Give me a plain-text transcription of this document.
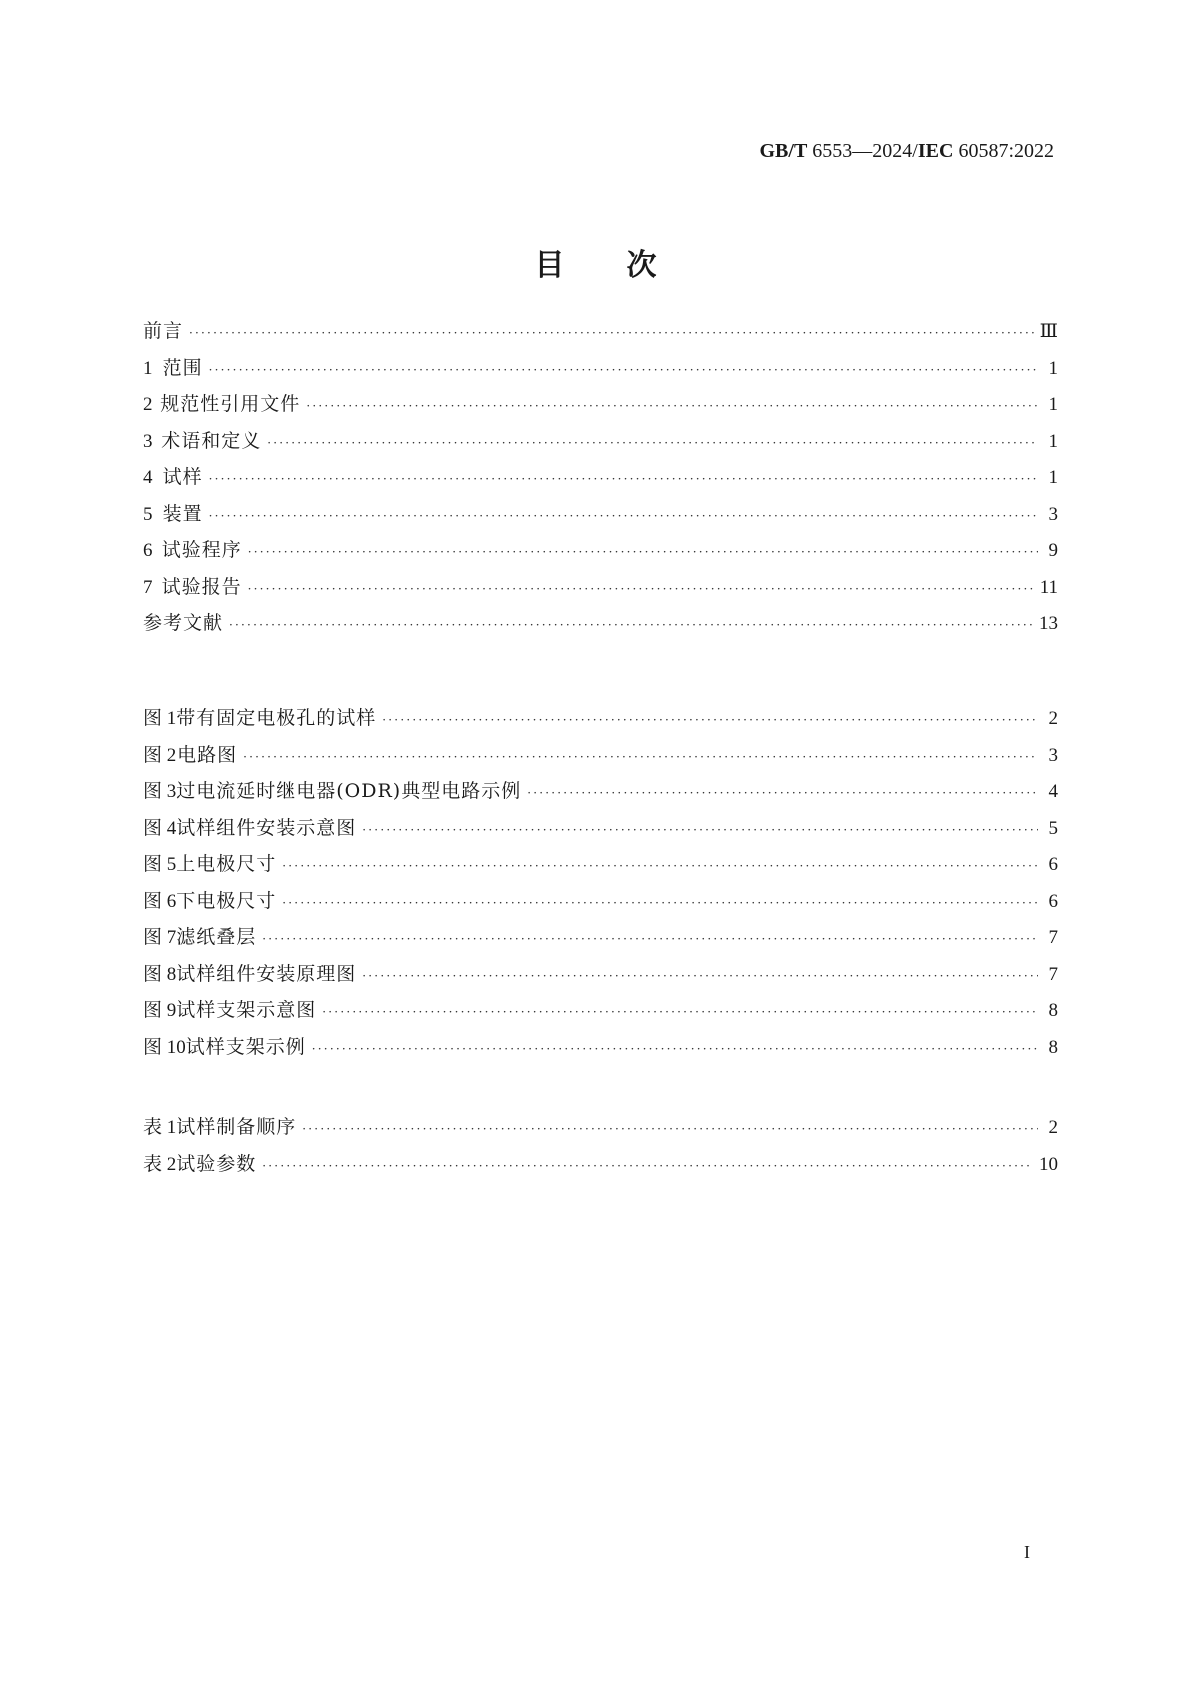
GB/T 6553—2024/IEC 60587:2022
目次
前言 ·····	Ⅲ
1 范围 ·····	1
2 规范性引用文件 ·····	1
3 术语和定义 ·····	1
4 试样 ·····	1
5 装置 ·····	3
6 试验程序 ·····	9
7 试验报告 ·····	11
参考文献 ·····	13
图 1 带有固定电极孔的试样 ·····	2
图 2 电路图 ·····	3
图 3 过电流延时继电器(ODR)典型电路示例 ·····	4
图 4 试样组件安装示意图 ·····	5
图 5 上电极尺寸 ·····	6
图 6 下电极尺寸 ·····	6
图 7 滤纸叠层 ·····	7
图 8 试样组件安装原理图 ·····	7
图 9 试样支架示意图 ·····	8
图 10 试样支架示例 ·····	8
表 1 试样制备顺序 ·····	2
表 2 试验参数 ·····	10
I
